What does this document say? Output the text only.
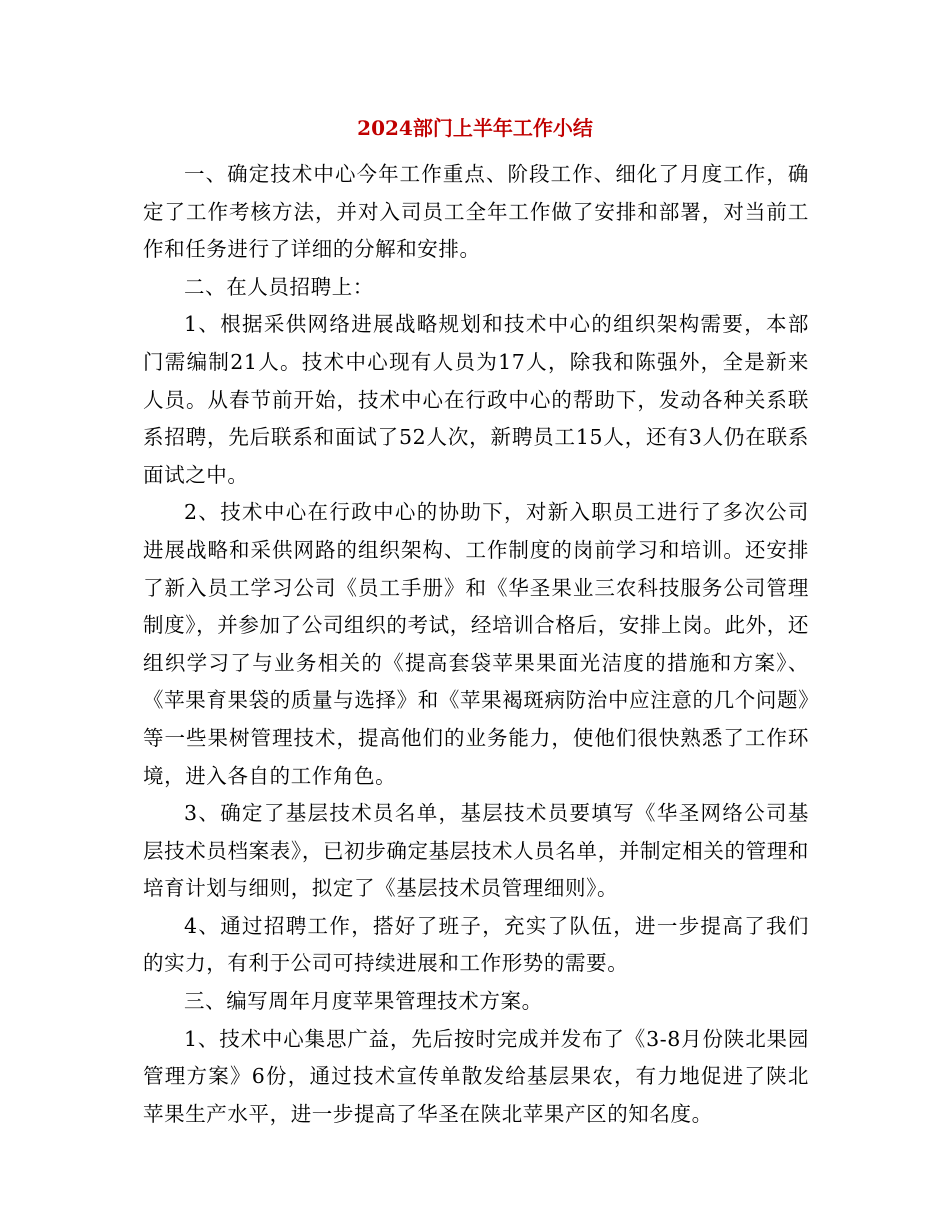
2024部门上半年工作小结

一、确定技术中心今年工作重点、阶段工作、细化了月度工作，确定了工作考核方法，并对入司员工全年工作做了安排和部署，对当前工作和任务进行了详细的分解和安排。

二、在人员招聘上：

1、根据采供网络进展战略规划和技术中心的组织架构需要，本部门需编制21人。技术中心现有人员为17人，除我和陈强外，全是新来人员。从春节前开始，技术中心在行政中心的帮助下，发动各种关系联系招聘，先后联系和面试了52人次，新聘员工15人，还有3人仍在联系面试之中。

2、技术中心在行政中心的协助下，对新入职员工进行了多次公司进展战略和采供网路的组织架构、工作制度的岗前学习和培训。还安排了新入员工学习公司《员工手册》和《华圣果业三农科技服务公司管理制度》，并参加了公司组织的考试，经培训合格后，安排上岗。此外，还组织学习了与业务相关的《提高套袋苹果果面光洁度的措施和方案》、《苹果育果袋的质量与选择》和《苹果褐斑病防治中应注意的几个问题》等一些果树管理技术，提高他们的业务能力，使他们很快熟悉了工作环境，进入各自的工作角色。

3、确定了基层技术员名单，基层技术员要填写《华圣网络公司基层技术员档案表》，已初步确定基层技术人员名单，并制定相关的管理和培育计划与细则，拟定了《基层技术员管理细则》。

4、通过招聘工作，搭好了班子，充实了队伍，进一步提高了我们的实力，有利于公司可持续进展和工作形势的需要。

三、编写周年月度苹果管理技术方案。

1、技术中心集思广益，先后按时完成并发布了《3-8月份陕北果园管理方案》6份，通过技术宣传单散发给基层果农，有力地促进了陕北苹果生产水平，进一步提高了华圣在陕北苹果产区的知名度。
